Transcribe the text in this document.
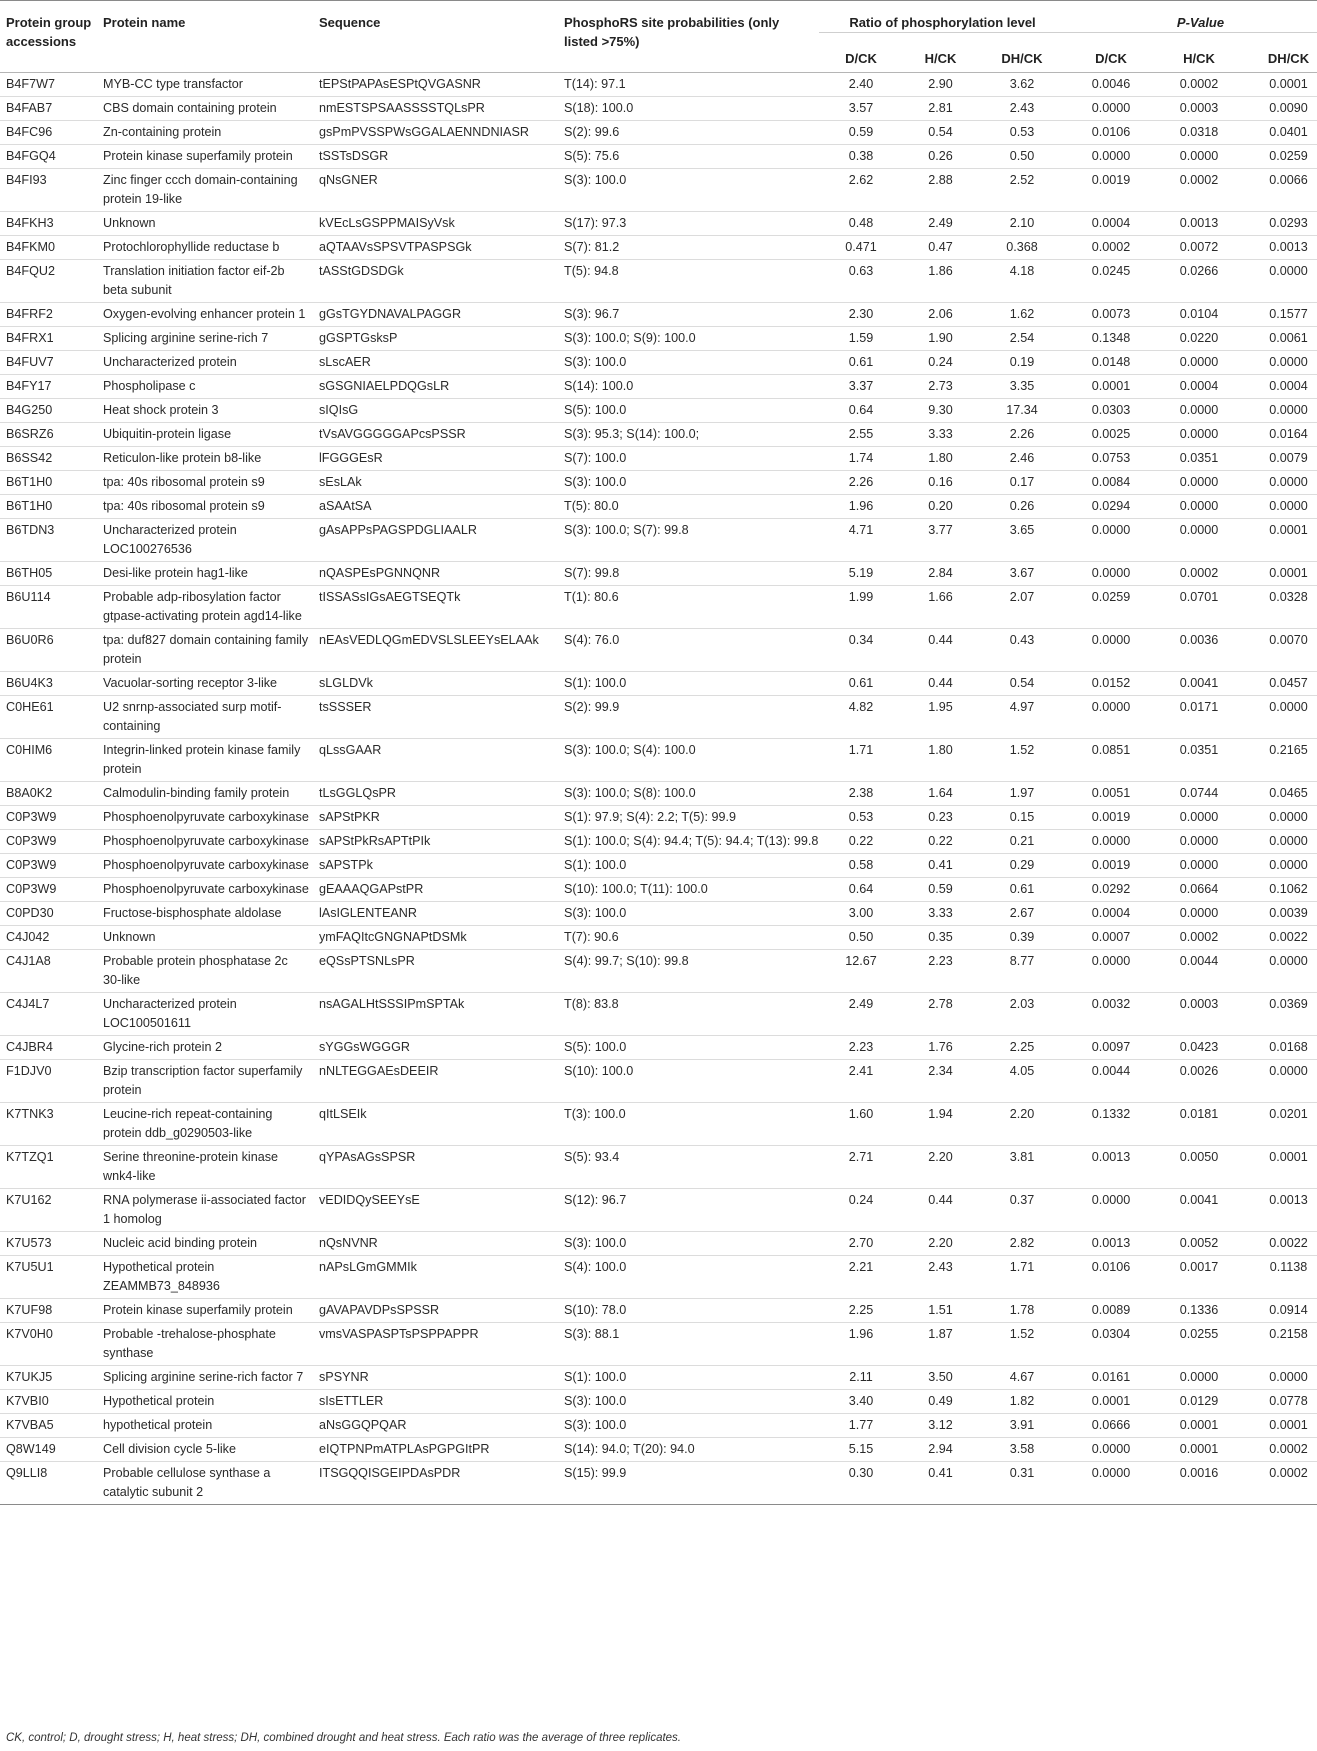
Protein group accessions	Protein name	Sequence	PhosphoRS site probabilities (only listed >75%)	Ratio of phosphorylation level			P-Value		
				D/CK	H/CK	DH/CK	D/CK	H/CK	DH/CK
B4F7W7	MYB-CC type transfactor	tEPStPAPAsESPtQVGASNR	T(14): 97.1	2.40	2.90	3.62	0.0046	0.0002	0.0001
B4FAB7	CBS domain containing protein	nmESTSPSAASSSSTQLsPR	S(18): 100.0	3.57	2.81	2.43	0.0000	0.0003	0.0090
B4FC96	Zn-containing protein	gsPmPVSSPWsGGALAENNDNIASR	S(2): 99.6	0.59	0.54	0.53	0.0106	0.0318	0.0401
B4FGQ4	Protein kinase superfamily protein	tSSTsDSGR	S(5): 75.6	0.38	0.26	0.50	0.0000	0.0000	0.0259
B4FI93	Zinc finger ccch domain-containing protein 19-like	qNsGNER	S(3): 100.0	2.62	2.88	2.52	0.0019	0.0002	0.0066
B4FKH3	Unknown	kVEcLsGSPPMAISyVsk	S(17): 97.3	0.48	2.49	2.10	0.0004	0.0013	0.0293
B4FKM0	Protochlorophyllide reductase b	aQTAAVsSPSVTPASPSGk	S(7): 81.2	0.471	0.47	0.368	0.0002	0.0072	0.0013
B4FQU2	Translation initiation factor eif-2b beta subunit	tASStGDSDGk	T(5): 94.8	0.63	1.86	4.18	0.0245	0.0266	0.0000
B4FRF2	Oxygen-evolving enhancer protein 1	gGsTGYDNAVALPAGGR	S(3): 96.7	2.30	2.06	1.62	0.0073	0.0104	0.1577
B4FRX1	Splicing arginine serine-rich 7	gGSPTGsksP	S(3): 100.0; S(9): 100.0	1.59	1.90	2.54	0.1348	0.0220	0.0061
B4FUV7	Uncharacterized protein	sLscAER	S(3): 100.0	0.61	0.24	0.19	0.0148	0.0000	0.0000
B4FY17	Phospholipase c	sGSGNIAELPDQGsLR	S(14): 100.0	3.37	2.73	3.35	0.0001	0.0004	0.0004
B4G250	Heat shock protein 3	sIQIsG	S(5): 100.0	0.64	9.30	17.34	0.0303	0.0000	0.0000
B6SRZ6	Ubiquitin-protein ligase	tVsAVGGGGGAPcsPSSR	S(3): 95.3; S(14): 100.0;	2.55	3.33	2.26	0.0025	0.0000	0.0164
B6SS42	Reticulon-like protein b8-like	lFGGGEsR	S(7): 100.0	1.74	1.80	2.46	0.0753	0.0351	0.0079
B6T1H0	tpa: 40s ribosomal protein s9	sEsLAk	S(3): 100.0	2.26	0.16	0.17	0.0084	0.0000	0.0000
B6T1H0	tpa: 40s ribosomal protein s9	aSAAtSA	T(5): 80.0	1.96	0.20	0.26	0.0294	0.0000	0.0000
B6TDN3	Uncharacterized protein LOC100276536	gAsAPPsPAGSPDGLIAALR	S(3): 100.0; S(7): 99.8	4.71	3.77	3.65	0.0000	0.0000	0.0001
B6TH05	Desi-like protein hag1-like	nQASPEsPGNNQNR	S(7): 99.8	5.19	2.84	3.67	0.0000	0.0002	0.0001
B6U114	Probable adp-ribosylation factor gtpase-activating protein agd14-like	tISSASsIGsAEGTSEQTk	T(1): 80.6	1.99	1.66	2.07	0.0259	0.0701	0.0328
B6U0R6	tpa: duf827 domain containing family protein	nEAsVEDLQGmEDVSLSLEEYsELAAk	S(4): 76.0	0.34	0.44	0.43	0.0000	0.0036	0.0070
B6U4K3	Vacuolar-sorting receptor 3-like	sLGLDVk	S(1): 100.0	0.61	0.44	0.54	0.0152	0.0041	0.0457
C0HE61	U2 snrnp-associated surp motif-containing	tsSSSER	S(2): 99.9	4.82	1.95	4.97	0.0000	0.0171	0.0000
C0HIM6	Integrin-linked protein kinase family protein	qLssGAAR	S(3): 100.0; S(4): 100.0	1.71	1.80	1.52	0.0851	0.0351	0.2165
B8A0K2	Calmodulin-binding family protein	tLsGGLQsPR	S(3): 100.0; S(8): 100.0	2.38	1.64	1.97	0.0051	0.0744	0.0465
C0P3W9	Phosphoenolpyruvate carboxykinase	sAPStPKR	S(1): 97.9; S(4): 2.2; T(5): 99.9	0.53	0.23	0.15	0.0019	0.0000	0.0000
C0P3W9	Phosphoenolpyruvate carboxykinase	sAPStPkRsAPTtPIk	S(1): 100.0; S(4): 94.4; T(5): 94.4; T(13): 99.8	0.22	0.22	0.21	0.0000	0.0000	0.0000
C0P3W9	Phosphoenolpyruvate carboxykinase	sAPSTPk	S(1): 100.0	0.58	0.41	0.29	0.0019	0.0000	0.0000
C0P3W9	Phosphoenolpyruvate carboxykinase	gEAAAQGAPstPR	S(10): 100.0; T(11): 100.0	0.64	0.59	0.61	0.0292	0.0664	0.1062
C0PD30	Fructose-bisphosphate aldolase	lAsIGLENTEANR	S(3): 100.0	3.00	3.33	2.67	0.0004	0.0000	0.0039
C4J042	Unknown	ymFAQItcGNGNAPtDSMk	T(7): 90.6	0.50	0.35	0.39	0.0007	0.0002	0.0022
C4J1A8	Probable protein phosphatase 2c 30-like	eQSsPTSNLsPR	S(4): 99.7; S(10): 99.8	12.67	2.23	8.77	0.0000	0.0044	0.0000
C4J4L7	Uncharacterized protein LOC100501611	nsAGALHtSSSIPmSPTAk	T(8): 83.8	2.49	2.78	2.03	0.0032	0.0003	0.0369
C4JBR4	Glycine-rich protein 2	sYGGsWGGGR	S(5): 100.0	2.23	1.76	2.25	0.0097	0.0423	0.0168
F1DJV0	Bzip transcription factor superfamily protein	nNLTEGGAEsDEEIR	S(10): 100.0	2.41	2.34	4.05	0.0044	0.0026	0.0000
K7TNK3	Leucine-rich repeat-containing protein ddb_g0290503-like	qItLSEIk	T(3): 100.0	1.60	1.94	2.20	0.1332	0.0181	0.0201
K7TZQ1	Serine threonine-protein kinase wnk4-like	qYPAsAGsSPSR	S(5): 93.4	2.71	2.20	3.81	0.0013	0.0050	0.0001
K7U162	RNA polymerase ii-associated factor 1 homolog	vEDIDQySEEYsE	S(12): 96.7	0.24	0.44	0.37	0.0000	0.0041	0.0013
K7U573	Nucleic acid binding protein	nQsNVNR	S(3): 100.0	2.70	2.20	2.82	0.0013	0.0052	0.0022
K7U5U1	Hypothetical protein ZEAMMB73_848936	nAPsLGmGMMIk	S(4): 100.0	2.21	2.43	1.71	0.0106	0.0017	0.1138
K7UF98	Protein kinase superfamily protein	gAVAPAVDPsSPSSR	S(10): 78.0	2.25	1.51	1.78	0.0089	0.1336	0.0914
K7V0H0	Probable -trehalose-phosphate synthase	vmsVASPASPTsPSPPAPPR	S(3): 88.1	1.96	1.87	1.52	0.0304	0.0255	0.2158
K7UKJ5	Splicing arginine serine-rich factor 7	sPSYNR	S(1): 100.0	2.11	3.50	4.67	0.0161	0.0000	0.0000
K7VBI0	Hypothetical protein	sIsETTLER	S(3): 100.0	3.40	0.49	1.82	0.0001	0.0129	0.0778
K7VBA5	hypothetical protein	aNsGGQPQAR	S(3): 100.0	1.77	3.12	3.91	0.0666	0.0001	0.0001
Q8W149	Cell division cycle 5-like	eIQTPNPmATPLAsPGPGItPR	S(14): 94.0; T(20): 94.0	5.15	2.94	3.58	0.0000	0.0001	0.0002
Q9LLI8	Probable cellulose synthase a catalytic subunit 2	ITSGQQISGEIPDAsPDR	S(15): 99.9	0.30	0.41	0.31	0.0000	0.0016	0.0002
CK, control; D, drought stress; H, heat stress; DH, combined drought and heat stress. Each ratio was the average of three replicates.
